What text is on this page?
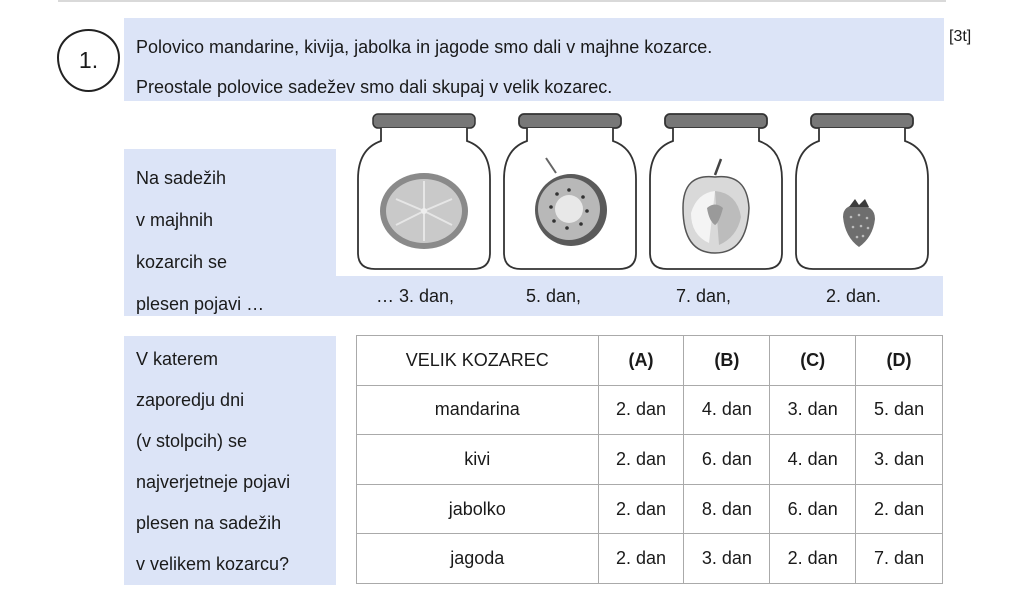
1. Polovico mandarine, kivija, jabolka in jagode smo dali v majhne kozarce.
Preostale polovice sadežev smo dali skupaj v velik kozarec.
[3t]
Na sadežih
v majhnih
kozarcih se
plesen pojavi …	… 3. dan,	5. dan,	7. dan,	2. dan.
V katerem
zaporedju dni
(v stolpcih) se
najverjetneje pojavi
plesen na sadežih
v velikem kozarcu?
VELIK KOZAREC	(A)	(B)	(C)	(D)
mandarina	2. dan	4. dan	3. dan	5. dan
kivi	2. dan	6. dan	4. dan	3. dan
jabolko	2. dan	8. dan	6. dan	2. dan
jagoda	2. dan	3. dan	2. dan	7. dan
